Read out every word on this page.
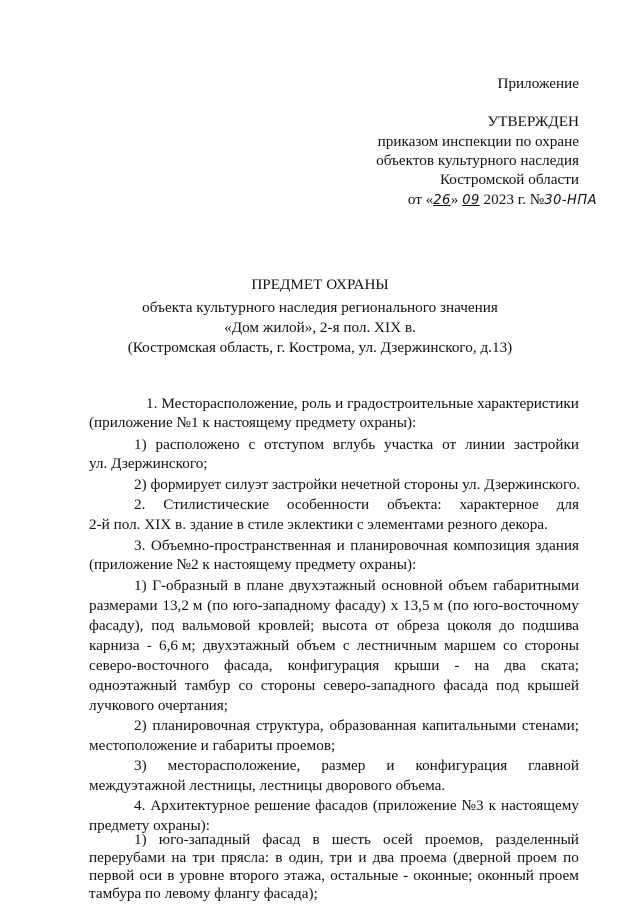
Приложение
УТВЕРЖДЕН
приказом инспекции по охране
объектов культурного наследия
Костромской области
от «26» 09 2023 г. №30-НПА
ПРЕДМЕТ ОХРАНЫ
объекта культурного наследия регионального значения
«Дом жилой», 2-я пол. XIX в.
(Костромская область, г. Кострома, ул. Дзержинского, д.13)
1. Месторасположение, роль и градостроительные характеристики
(приложение №1 к настоящему предмету охраны):
1) расположено с отступом вглубь участка от линии застройки
ул. Дзержинского;
2) формирует силуэт застройки нечетной стороны ул. Дзержинского.
2. Стилистические особенности объекта: характерное для
2-й пол. XIX в. здание в стиле эклектики с элементами резного декора.
3. Объемно-пространственная и планировочная композиция здания
(приложение №2 к настоящему предмету охраны):
1) Г-образный в плане двухэтажный основной объем габаритными
размерами 13,2 м (по юго-западному фасаду) х 13,5 м (по юго-восточному
фасаду), под вальмовой кровлей; высота от обреза цоколя до подшива
карниза - 6,6 м; двухэтажный объем с лестничным маршем со стороны
северо-восточного фасада, конфигурация крыши - на два ската;
одноэтажный тамбур со стороны северо-западного фасада под крышей
лучкового очертания;
2) планировочная структура, образованная капитальными стенами;
местоположение и габариты проемов;
3) месторасположение, размер и конфигурация главной
междуэтажной лестницы, лестницы дворового объема.
4. Архитектурное решение фасадов (приложение №3 к настоящему
предмету охраны):
1) юго-западный фасад в шесть осей проемов, разделенный
перерубами на три прясла: в один, три и два проема (дверной проем по
первой оси в уровне второго этажа, остальные - оконные; оконный проем
тамбура по левому флангу фасада);
